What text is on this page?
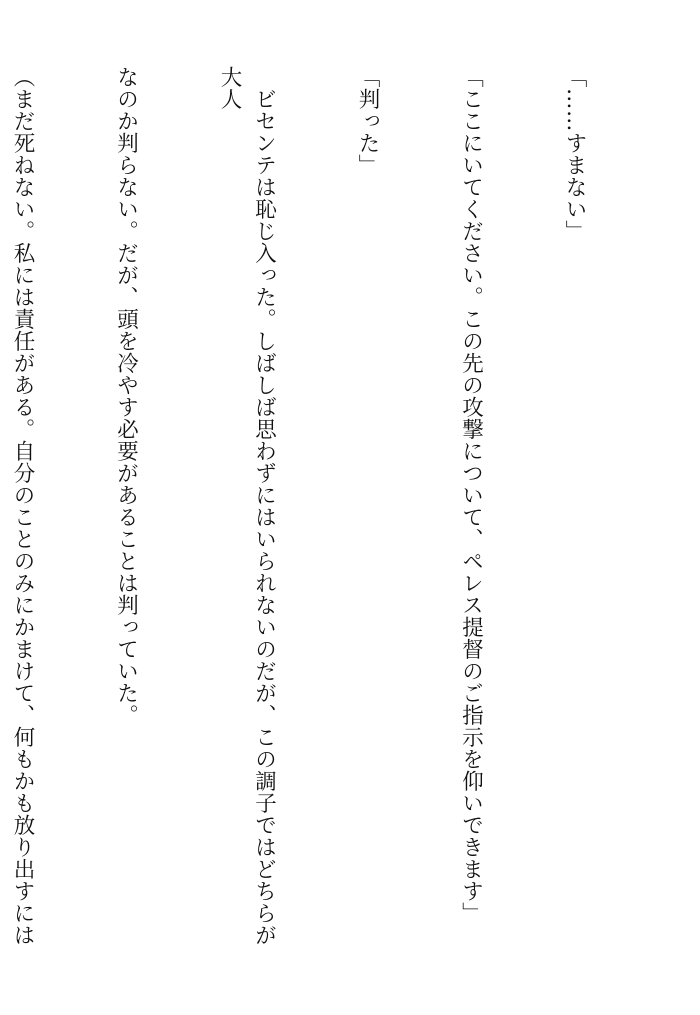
「……すまない」

「ここにいてください。この先の攻撃について、ペレス提督のご指示を仰いできます」

「判った」

　ビセンテは恥じ入った。しばしば思わずにはいられないのだが、この調子ではどちらが大人

なのか判らない。だが、頭を冷やす必要があることは判っていた。

（まだ死ねない。私には責任がある。自分のことのみにかまけて、何もかも放り出すには
